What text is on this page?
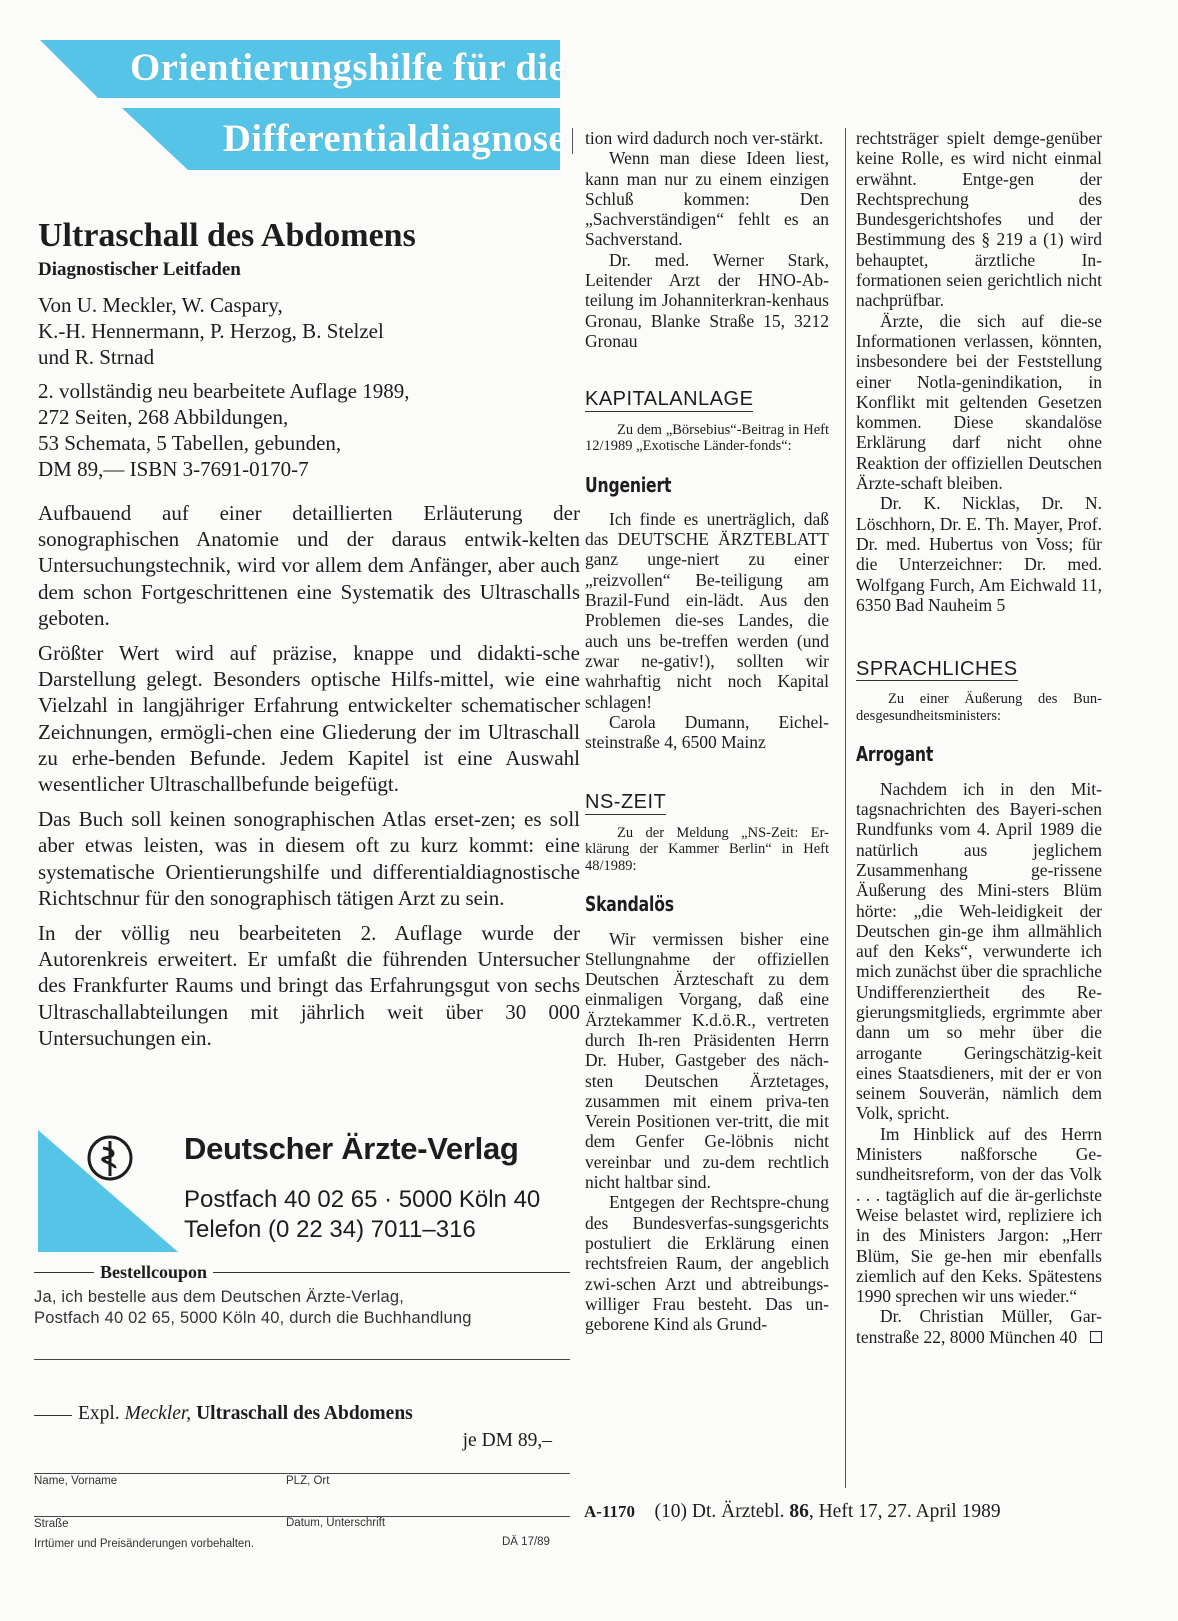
Orientierungshilfe für die
Differentialdiagnose
Ultraschall des Abdomens
Diagnostischer Leitfaden
Von U. Meckler, W. Caspary,
K.-H. Hennermann, P. Herzog, B. Stelzel
und R. Strnad
2. vollständig neu bearbeitete Auflage 1989,
272 Seiten, 268 Abbildungen,
53 Schemata, 5 Tabellen, gebunden,
DM 89,— ISBN 3-7691-0170-7

Aufbauend auf einer detaillierten Erläuterung der sonographischen Anatomie und der daraus entwik-kelten Untersuchungstechnik, wird vor allem dem Anfänger, aber auch dem schon Fortgeschrittenen eine Systematik des Ultraschalls geboten.

Größter Wert wird auf präzise, knappe und didakti-sche Darstellung gelegt. Besonders optische Hilfs-mittel, wie eine Vielzahl in langjähriger Erfahrung entwickelter schematischer Zeichnungen, ermögli-chen eine Gliederung der im Ultraschall zu erhe-benden Befunde. Jedem Kapitel ist eine Auswahl wesentlicher Ultraschallbefunde beigefügt.

Das Buch soll keinen sonographischen Atlas erset-zen; es soll aber etwas leisten, was in diesem oft zu kurz kommt: eine systematische Orientierungshilfe und differentialdiagnostische Richtschnur für den sonographisch tätigen Arzt zu sein.

In der völlig neu bearbeiteten 2. Auflage wurde der Autorenkreis erweitert. Er umfaßt die führenden Untersucher des Frankfurter Raums und bringt das Erfahrungsgut von sechs Ultraschallabteilungen mit jährlich weit über 30 000 Untersuchungen ein.

Deutscher Ärzte-Verlag
Postfach 40 02 65 · 5000 Köln 40
Telefon (0 22 34) 7011–316
Bestellcoupon
Ja, ich bestelle aus dem Deutschen Ärzte-Verlag,
Postfach 40 02 65, 5000 Köln 40, durch die Buchhandlung
Expl. Meckler, Ultraschall des Abdomens
je DM 89,–
Name, Vorname	PLZ, Ort
Straße	Datum, Unterschrift
Irrtümer und Preisänderungen vorbehalten.	DÄ 17/89

tion wird dadurch noch ver-stärkt.

Wenn man diese Ideen liest, kann man nur zu einem einzigen Schluß kommen: Den „Sachverständigen“ fehlt es an Sachverstand.

Dr. med. Werner Stark, Leitender Arzt der HNO-Ab-teilung im Johanniterkran-kenhaus Gronau, Blanke Straße 15, 3212 Gronau

KAPITALANLAGE

Zu dem „Börsebius“-Beitrag in Heft 12/1989 „Exotische Länder-fonds“:

Ungeniert

Ich finde es unerträglich, daß das DEUTSCHE ÄRZTEBLATT ganz unge-niert zu einer „reizvollen“ Be-teiligung am Brazil-Fund ein-lädt. Aus den Problemen die-ses Landes, die auch uns be-treffen werden (und zwar ne-gativ!), sollten wir wahrhaftig nicht noch Kapital schlagen!

Carola Dumann, Eichel-steinstraße 4, 6500 Mainz

NS-ZEIT

Zu der Meldung „NS-Zeit: Er-klärung der Kammer Berlin“ in Heft 48/1989:

Skandalös

Wir vermissen bisher eine Stellungnahme der offiziellen Deutschen Ärzteschaft zu dem einmaligen Vorgang, daß eine Ärztekammer K.d.ö.R., vertreten durch Ih-ren Präsidenten Herrn Dr. Huber, Gastgeber des näch-sten Deutschen Ärztetages, zusammen mit einem priva-ten Verein Positionen ver-tritt, die mit dem Genfer Ge-löbnis nicht vereinbar und zu-dem rechtlich nicht haltbar sind.

Entgegen der Rechtspre-chung des Bundesverfas-sungsgerichts postuliert die Erklärung einen rechtsfreien Raum, der angeblich zwi-schen Arzt und abtreibungs-williger Frau besteht. Das un-geborene Kind als Grund-

rechtsträger spielt demge-genüber keine Rolle, es wird nicht einmal erwähnt. Entge-gen der Rechtsprechung des Bundesgerichtshofes und der Bestimmung des § 219 a (1) wird behauptet, ärztliche In-formationen seien gerichtlich nicht nachprüfbar.

Ärzte, die sich auf die-se Informationen verlassen, könnten, insbesondere bei der Feststellung einer Notla-genindikation, in Konflikt mit geltenden Gesetzen kommen. Diese skandalöse Erklärung darf nicht ohne Reaktion der offiziellen Deutschen Ärzte-schaft bleiben.

Dr. K. Nicklas, Dr. N. Löschhorn, Dr. E. Th. Mayer, Prof. Dr. med. Hubertus von Voss; für die Unterzeichner: Dr. med. Wolfgang Furch, Am Eichwald 11, 6350 Bad Nauheim 5

SPRACHLICHES

Zu einer Äußerung des Bun-desgesundheitsministers:

Arrogant

Nachdem ich in den Mit-tagsnachrichten des Bayeri-schen Rundfunks vom 4. April 1989 die natürlich aus jeglichem Zusammenhang ge-rissene Äußerung des Mini-sters Blüm hörte: „die Weh-leidigkeit der Deutschen gin-ge ihm allmählich auf den Keks“, verwunderte ich mich zunächst über die sprachliche Undifferenziertheit des Re-gierungsmitglieds, ergrimmte aber dann um so mehr über die arrogante Geringschätzig-keit eines Staatsdieners, mit der er von seinem Souverän, nämlich dem Volk, spricht.

Im Hinblick auf des Herrn Ministers naßforsche Ge-sundheitsreform, von der das Volk . . . tagtäglich auf die är-gerlichste Weise belastet wird, repliziere ich in des Ministers Jargon: „Herr Blüm, Sie ge-hen mir ebenfalls ziemlich auf den Keks. Spätestens 1990 sprechen wir uns wieder.“

Dr. Christian Müller, Gar-tenstraße 22, 8000 München 40

A-1170 (10) Dt. Ärztebl. 86, Heft 17, 27. April 1989
